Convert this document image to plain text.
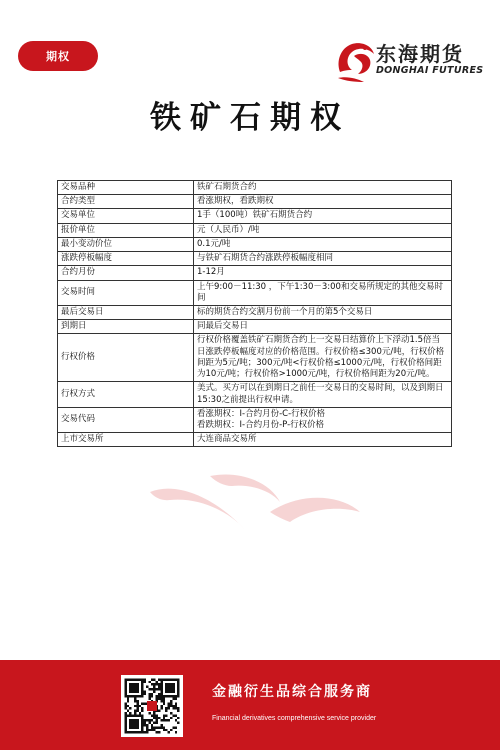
期权	东海期货
DONGHAI FUTURES
铁矿石期权
交易品种	铁矿石期货合约
合约类型	看涨期权，看跌期权
交易单位	1手（100吨）铁矿石期货合约
报价单位	元（人民币）/吨
最小变动价位	0.1元/吨
涨跌停板幅度	与铁矿石期货合约涨跌停板幅度相同
合约月份	1-12月
交易时间	上午9:00－11:30 ，下午1:30－3:00和交易所规定的其他交易时间
最后交易日	标的期货合约交割月份前一个月的第5个交易日
到期日	同最后交易日
行权价格	行权价格覆盖铁矿石期货合约上一交易日结算价上下浮动1.5倍当日涨跌停板幅度对应的价格范围。行权价格≤300元/吨，行权价格间距为5元/吨；300元/吨<行权价格≤1000元/吨，行权价格间距为10元/吨；行权价格>1000元/吨，行权价格间距为20元/吨。
行权方式	美式。买方可以在到期日之前任一交易日的交易时间，以及到期日15:30之前提出行权申请。
交易代码	看涨期权：I-合约月份-C-行权价格
看跌期权：I-合约月份-P-行权价格

上市交易所	大连商品交易所
金融衍生品综合服务商
Financial derivatives comprehensive service provider
